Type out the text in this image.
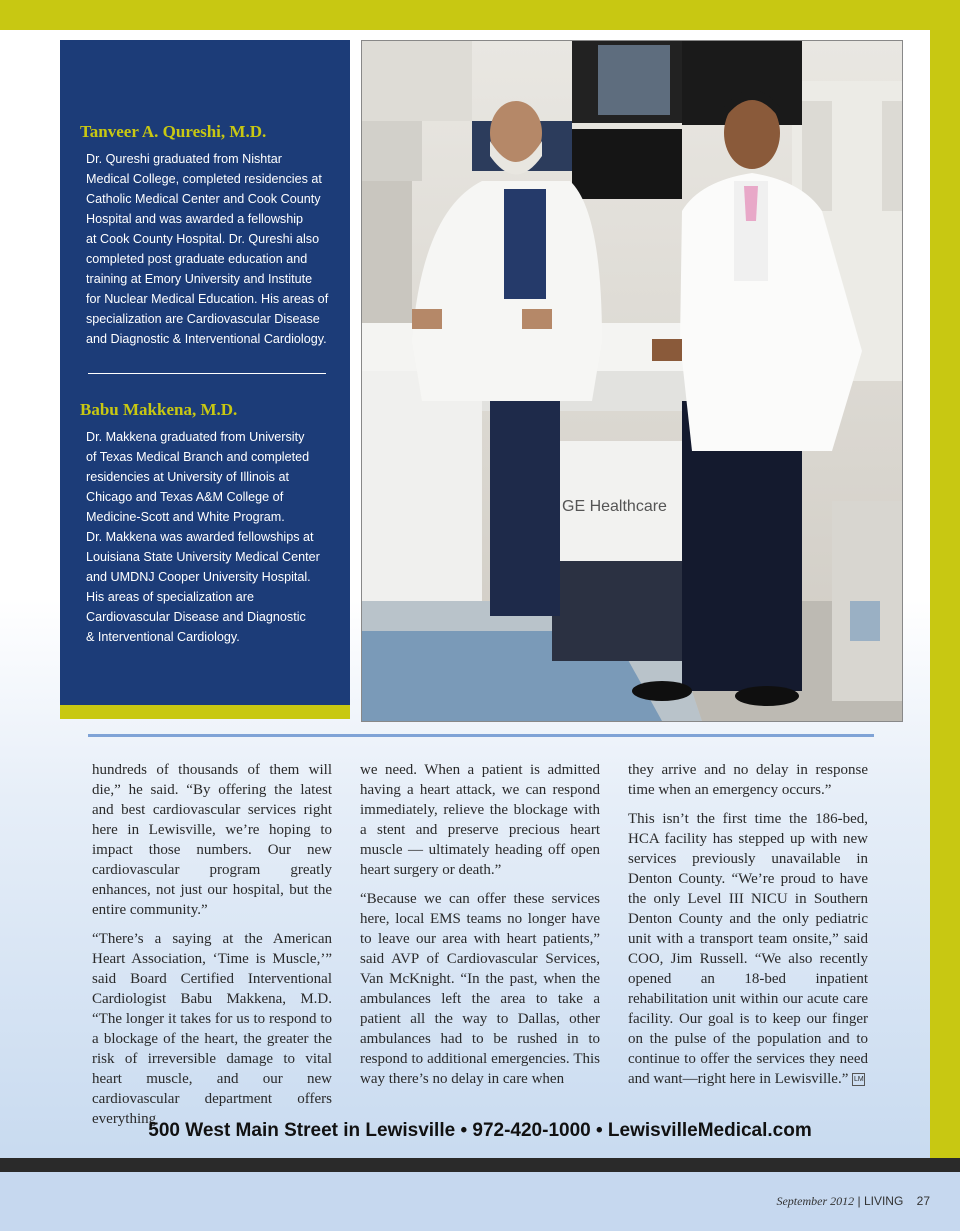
Tanveer A. Qureshi, M.D.
Dr. Qureshi graduated from Nishtar
Medical College, completed residencies at
Catholic Medical Center and Cook County
Hospital and was awarded a fellowship
at Cook County Hospital. Dr. Qureshi also
completed post graduate education and
training at Emory University and Institute
for Nuclear Medical Education. His areas of
specialization are Cardiovascular Disease
and Diagnostic & Interventional Cardiology.
Babu Makkena, M.D.
Dr. Makkena graduated from University
of Texas Medical Branch and completed
residencies at University of Illinois at
Chicago and Texas A&M College of
Medicine-Scott and White Program.
Dr. Makkena was awarded fellowships at
Louisiana State University Medical Center
and UMDNJ Cooper University Hospital.
His areas of specialization are
Cardiovascular Disease and Diagnostic
& Interventional Cardiology.
GE Healthcare

hundreds of thousands of them will die,” he said. “By offering the latest and best cardiovascular services right here in Lewisville, we’re hoping to impact those numbers. Our new cardiovascular program greatly enhances, not just our hospital, but the entire community.”

“There’s a saying at the American Heart Association, ‘Time is Muscle,’” said Board Certified Interventional Cardiologist Babu Makkena, M.D. “The longer it takes for us to respond to a blockage of the heart, the greater the risk of irreversible damage to vital heart muscle, and our new cardiovascular department offers everything

we need. When a patient is admitted having a heart attack, we can respond immediately, relieve the blockage with a stent and preserve precious heart muscle — ultimately heading off open heart surgery or death.”

“Because we can offer these services here, local EMS teams no longer have to leave our area with heart patients,” said AVP of Cardiovascular Services, Van McKnight. “In the past, when the ambulances left the area to take a patient all the way to Dallas, other ambulances had to be rushed in to respond to additional emergencies. This way there’s no delay in care when

they arrive and no delay in response time when an emergency occurs.”

This isn’t the first time the 186-bed, HCA facility has stepped up with new services previously unavailable in Denton County. “We’re proud to have the only Level III NICU in Southern Denton County and the only pediatric unit with a transport team onsite,” said COO, Jim Russell. “We also recently opened an 18-bed inpatient rehabilitation unit within our acute care facility. Our goal is to keep our finger on the pulse of the population and to continue to offer the services they need and want—right here in Lewisville.” LM

500 West Main Street in Lewisville • 972-420-1000 • LewisvilleMedical.com
September 2012 | LIVING 27
